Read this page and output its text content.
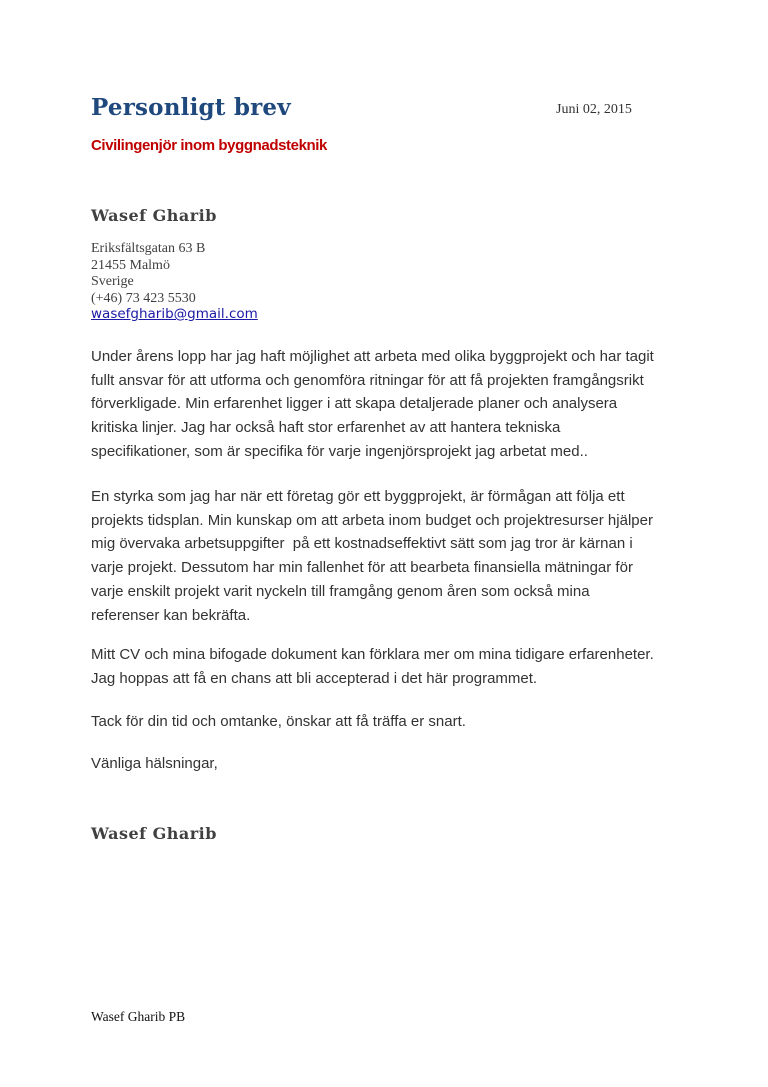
Personligt brev	Juni 02, 2015
Civilingenjör inom byggnadsteknik
Wasef Gharib
Eriksfältsgatan 63 B
21455 Malmö
Sverige
(+46) 73 423 5530
wasefgharib@gmail.com
Under årens lopp har jag haft möjlighet att arbeta med olika byggprojekt och har tagit
fullt ansvar för att utforma och genomföra ritningar för att få projekten framgångsrikt
förverkligade. Min erfarenhet ligger i att skapa detaljerade planer och analysera
kritiska linjer. Jag har också haft stor erfarenhet av att hantera tekniska
specifikationer, som är specifika för varje ingenjörsprojekt jag arbetat med..
En styrka som jag har när ett företag gör ett byggprojekt, är förmågan att följa ett
projekts tidsplan. Min kunskap om att arbeta inom budget och projektresurser hjälper
mig övervaka arbetsuppgifter  på ett kostnadseffektivt sätt som jag tror är kärnan i
varje projekt. Dessutom har min fallenhet för att bearbeta finansiella mätningar för
varje enskilt projekt varit nyckeln till framgång genom åren som också mina
referenser kan bekräfta.
Mitt CV och mina bifogade dokument kan förklara mer om mina tidigare erfarenheter.
Jag hoppas att få en chans att bli accepterad i det här programmet.
Tack för din tid och omtanke, önskar att få träffa er snart.
Vänliga hälsningar,
Wasef Gharib
Wasef Gharib PB
